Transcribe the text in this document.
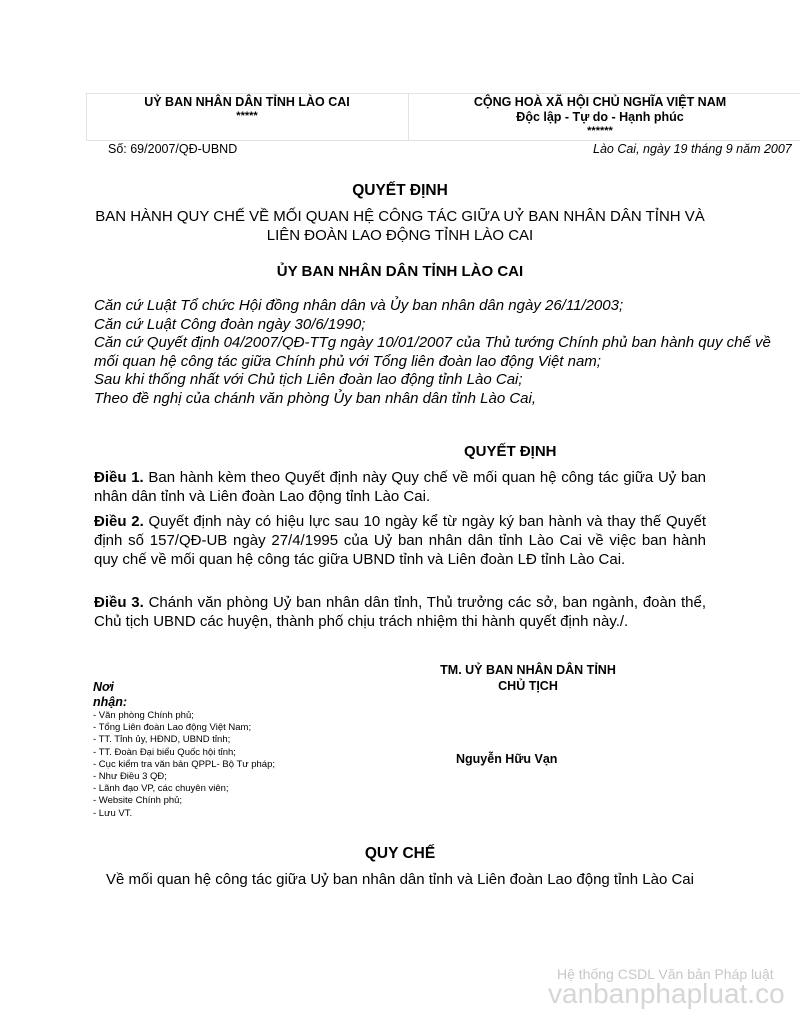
UỶ BAN NHÂN DÂN TỈNH LÀO CAI
*****
CỘNG HOÀ XÃ HỘI CHỦ NGHĨA VIỆT NAM
Độc lập - Tự do - Hạnh phúc
******
Số: 69/2007/QĐ-UBND	Lào Cai, ngày 19 tháng 9 năm 2007
QUYẾT ĐỊNH
BAN HÀNH QUY CHẾ VỀ MỐI QUAN HỆ CÔNG TÁC GIỮA UỶ BAN NHÂN DÂN TỈNH VÀ LIÊN ĐOÀN LAO ĐỘNG TỈNH LÀO CAI
ỦY BAN NHÂN DÂN TỈNH LÀO CAI
Căn cứ Luật Tổ chức Hội đồng nhân dân và Ủy ban nhân dân ngày 26/11/2003;
Căn cứ Luật Công đoàn ngày 30/6/1990;
Căn cứ Quyết định 04/2007/QĐ-TTg ngày 10/01/2007 của Thủ tướng Chính phủ ban hành quy chế về mối quan hệ công tác giữa Chính phủ với Tổng liên đoàn lao động Việt nam;
Sau khi thống nhất với Chủ tịch Liên đoàn lao động tỉnh Lào Cai;
Theo đề nghị của chánh văn phòng Ủy ban nhân dân tỉnh Lào Cai,
QUYẾT ĐỊNH
Điều 1. Ban hành kèm theo Quyết định này Quy chế về mối quan hệ công tác giữa Uỷ ban nhân dân tỉnh và Liên đoàn Lao động tỉnh Lào Cai.
Điều 2. Quyết định này có hiệu lực sau 10 ngày kể từ ngày ký ban hành và thay thế Quyết định số 157/QĐ-UB ngày 27/4/1995 của Uỷ ban nhân dân tỉnh Lào Cai về việc ban hành quy chế về mối quan hệ công tác giữa UBND tỉnh và Liên đoàn LĐ tỉnh Lào Cai.
Điều 3. Chánh văn phòng Uỷ ban nhân dân tỉnh, Thủ trưởng các sở, ban ngành, đoàn thể, Chủ tịch UBND các huyện, thành phố chịu trách nhiệm thi hành quyết định này./.
TM. UỶ BAN NHÂN DÂN TỈNH
CHỦ TỊCH
Nguyễn Hữu Vạn
Nơi
nhận:
- Văn phòng Chính phủ;
- Tổng Liên đoàn Lao động Việt Nam;
- TT. Tỉnh ủy, HĐND, UBND tỉnh;
- TT. Đoàn Đại biểu Quốc hội tỉnh;
- Cục kiểm tra văn bản QPPL- Bộ Tư pháp;
- Như Điều 3 QĐ;
- Lãnh đạo VP, các chuyên viên;
- Website Chính phủ;
- Lưu VT.
QUY CHẾ
Về mối quan hệ công tác giữa Uỷ ban nhân dân tỉnh và Liên đoàn Lao động tỉnh Lào Cai
Hệ thống CSDL Văn bản Pháp luật
vanbanphapluat.co
